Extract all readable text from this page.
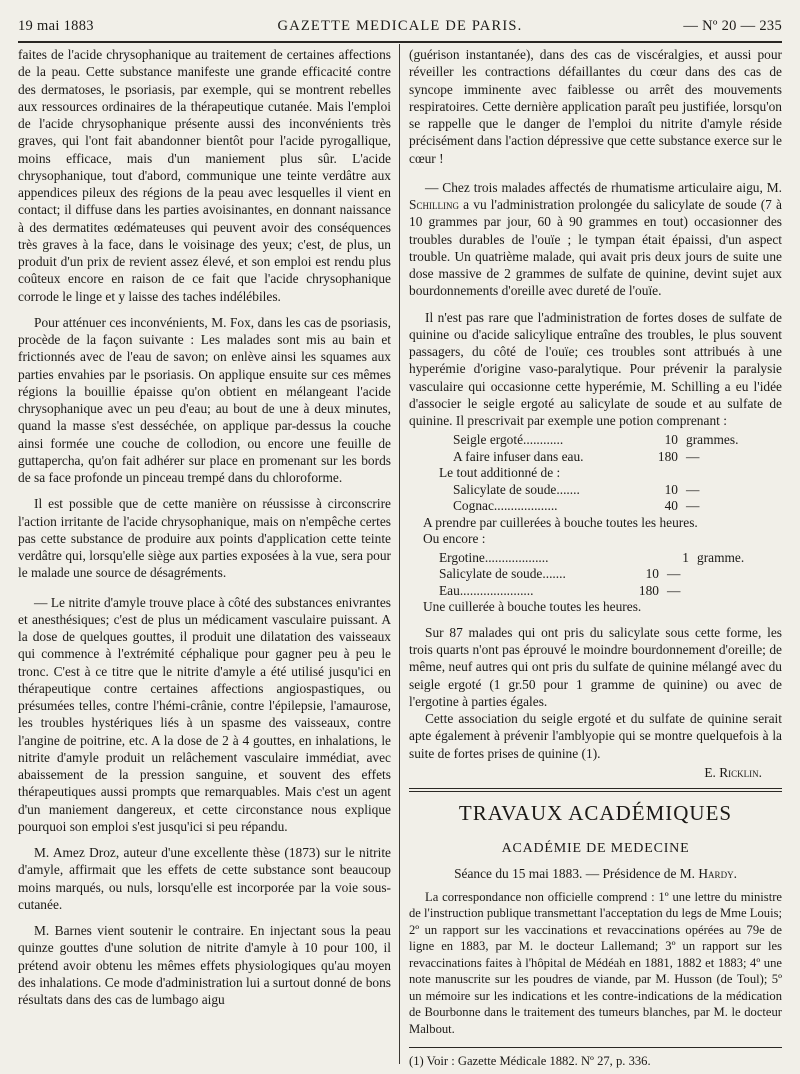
19 mai 1883	GAZETTE MEDICALE DE PARIS.	— Nº 20 — 235

faites de l'acide chrysophanique au traitement de certaines affections de la peau. Cette substance manifeste une grande efficacité contre des dermatoses, le psoriasis, par exemple, qui se montrent rebelles aux ressources ordinaires de la thérapeutique cutanée. Mais l'emploi de l'acide chrysophanique présente aussi des inconvénients très graves, qui l'ont fait abandonner bientôt pour l'acide pyrogallique, moins efficace, mais d'un maniement plus sûr. L'acide chrysophanique, tout d'abord, communique une teinte verdâtre aux appendices pileux des régions de la peau avec lesquelles il vient en contact; il diffuse dans les parties avoisinantes, en donnant naissance à des dermatites œdémateuses qui peuvent avoir des conséquences très graves à la face, dans le voisinage des yeux; c'est, de plus, un produit d'un prix de revient assez élevé, et son emploi est rendu plus coûteux encore en raison de ce fait que l'acide chrysophanique corrode le linge et y laisse des taches indélébiles.

Pour atténuer ces inconvénients, M. Fox, dans les cas de psoriasis, procède de la façon suivante : Les malades sont mis au bain et frictionnés avec de l'eau de savon; on enlève ainsi les squames aux parties envahies par le psoriasis. On applique ensuite sur ces mêmes régions la bouillie épaisse qu'on obtient en mélangeant l'acide chrysophanique avec un peu d'eau; au bout de une à deux minutes, quand la masse s'est desséchée, on applique par-dessus la couche ainsi formée une couche de collodion, ou encore une feuille de guttapercha, qu'on fait adhérer sur place en promenant sur les bords de sa face profonde un pinceau trempé dans du chloroforme.

Il est possible que de cette manière on réussisse à circonscrire l'action irritante de l'acide chrysophanique, mais on n'empêche certes pas cette substance de produire aux points d'application cette teinte verdâtre qui, lorsqu'elle siège aux parties exposées à la vue, sera pour le malade une source de désagréments.

— Le nitrite d'amyle trouve place à côté des substances enivrantes et anesthésiques; c'est de plus un médicament vasculaire puissant. A la dose de quelques gouttes, il produit une dilatation des vaisseaux qui commence à l'extrémité céphalique pour gagner peu à peu le tronc. C'est à ce titre que le nitrite d'amyle a été utilisé jusqu'ici en thérapeutique contre certaines affections angiospastiques, ou présumées telles, contre l'hémi-crânie, contre l'épilepsie, l'amaurose, les troubles hystériques liés à un spasme des vaisseaux, contre l'angine de poitrine, etc. A la dose de 2 à 4 gouttes, en inhalations, le nitrite d'amyle produit un relâchement vasculaire immédiat, avec abaissement de la pression sanguine, et souvent des effets thérapeutiques aussi prompts que remarquables. Mais c'est un agent d'un maniement dangereux, et cette circonstance nous explique pourquoi son emploi s'est jusqu'ici si peu répandu.

M. Amez Droz, auteur d'une excellente thèse (1873) sur le nitrite d'amyle, affirmait que les effets de cette substance sont beaucoup moins marqués, ou nuls, lorsqu'elle est incorporée par la voie sous-cutanée.

M. Barnes vient soutenir le contraire. En injectant sous la peau quinze gouttes d'une solution de nitrite d'amyle à 10 pour 100, il prétend avoir obtenu les mêmes effets physiologiques qu'au moyen des inhalations. Ce mode d'administration lui a surtout donné de bons résultats dans des cas de lumbago aigu

(guérison instantanée), dans des cas de viscéralgies, et aussi pour réveiller les contractions défaillantes du cœur dans des cas de syncope imminente avec faiblesse ou arrêt des mouvements respiratoires. Cette dernière application paraît peu justifiée, lorsqu'on se rappelle que le danger de l'emploi du nitrite d'amyle réside précisément dans l'action dépressive que cette substance exerce sur le cœur !

— Chez trois malades affectés de rhumatisme articulaire aigu, M. Schilling a vu l'administration prolongée du salicylate de soude (7 à 10 grammes par jour, 60 à 90 grammes en tout) occasionner des troubles durables de l'ouïe ; le tympan était épaissi, d'un aspect trouble. Un quatrième malade, qui avait pris deux jours de suite une dose massive de 2 grammes de sulfate de quinine, devint sujet aux bourdonnements d'oreille avec dureté de l'ouïe.

Il n'est pas rare que l'administration de fortes doses de sulfate de quinine ou d'acide salicylique entraîne des troubles, le plus souvent passagers, du côté de l'ouïe; ces troubles sont attribués à une hyperémie d'origine vaso-paralytique. Pour prévenir la paralysie vasculaire qui occasionne cette hyperémie, M. Schilling a eu l'idée d'associer le seigle ergoté au salicylate de soude et au sulfate de quinine. Il prescrivait par exemple une potion comprenant :

Seigle ergoté............	10 grammes.
A faire infuser dans eau.	180 —
Le tout additionné de :
Salicylate de soude.......	10 —
Cognac...................	40 —
A prendre par cuillerées à bouche toutes les heures.
Ou encore :
Ergotine...................	1 gramme.
Salicylate de soude.......	10 —
Eau......................	180 —
Une cuillerée à bouche toutes les heures.

Sur 87 malades qui ont pris du salicylate sous cette forme, les trois quarts n'ont pas éprouvé le moindre bourdonnement d'oreille; de même, neuf autres qui ont pris du sulfate de quinine mélangé avec du seigle ergoté (1 gr.50 pour 1 gramme de quinine) ou avec de l'ergotine à parties égales.

Cette association du seigle ergoté et du sulfate de quinine serait apte également à prévenir l'amblyopie qui se montre quelquefois à la suite de fortes prises de quinine (1).

E. Ricklin.
TRAVAUX ACADÉMIQUES
ACADÉMIE DE MEDECINE
Séance du 15 mai 1883. — Présidence de M. Hardy.

La correspondance non officielle comprend : 1º une lettre du ministre de l'instruction publique transmettant l'acceptation du legs de Mme Louis; 2º un rapport sur les vaccinations et revaccinations opérées au 79e de ligne en 1883, par M. le docteur Lallemand; 3º un rapport sur les revaccinations faites à l'hôpital de Médéah en 1881, 1882 et 1883; 4º une note manuscrite sur les poudres de viande, par M. Husson (de Toul); 5º un mémoire sur les indications et les contre-indications de la médication de Bourbonne dans le traitement des tumeurs blanches, par M. le docteur Malbout.

(1) Voir : Gazette Médicale 1882. Nº 27, p. 336.
